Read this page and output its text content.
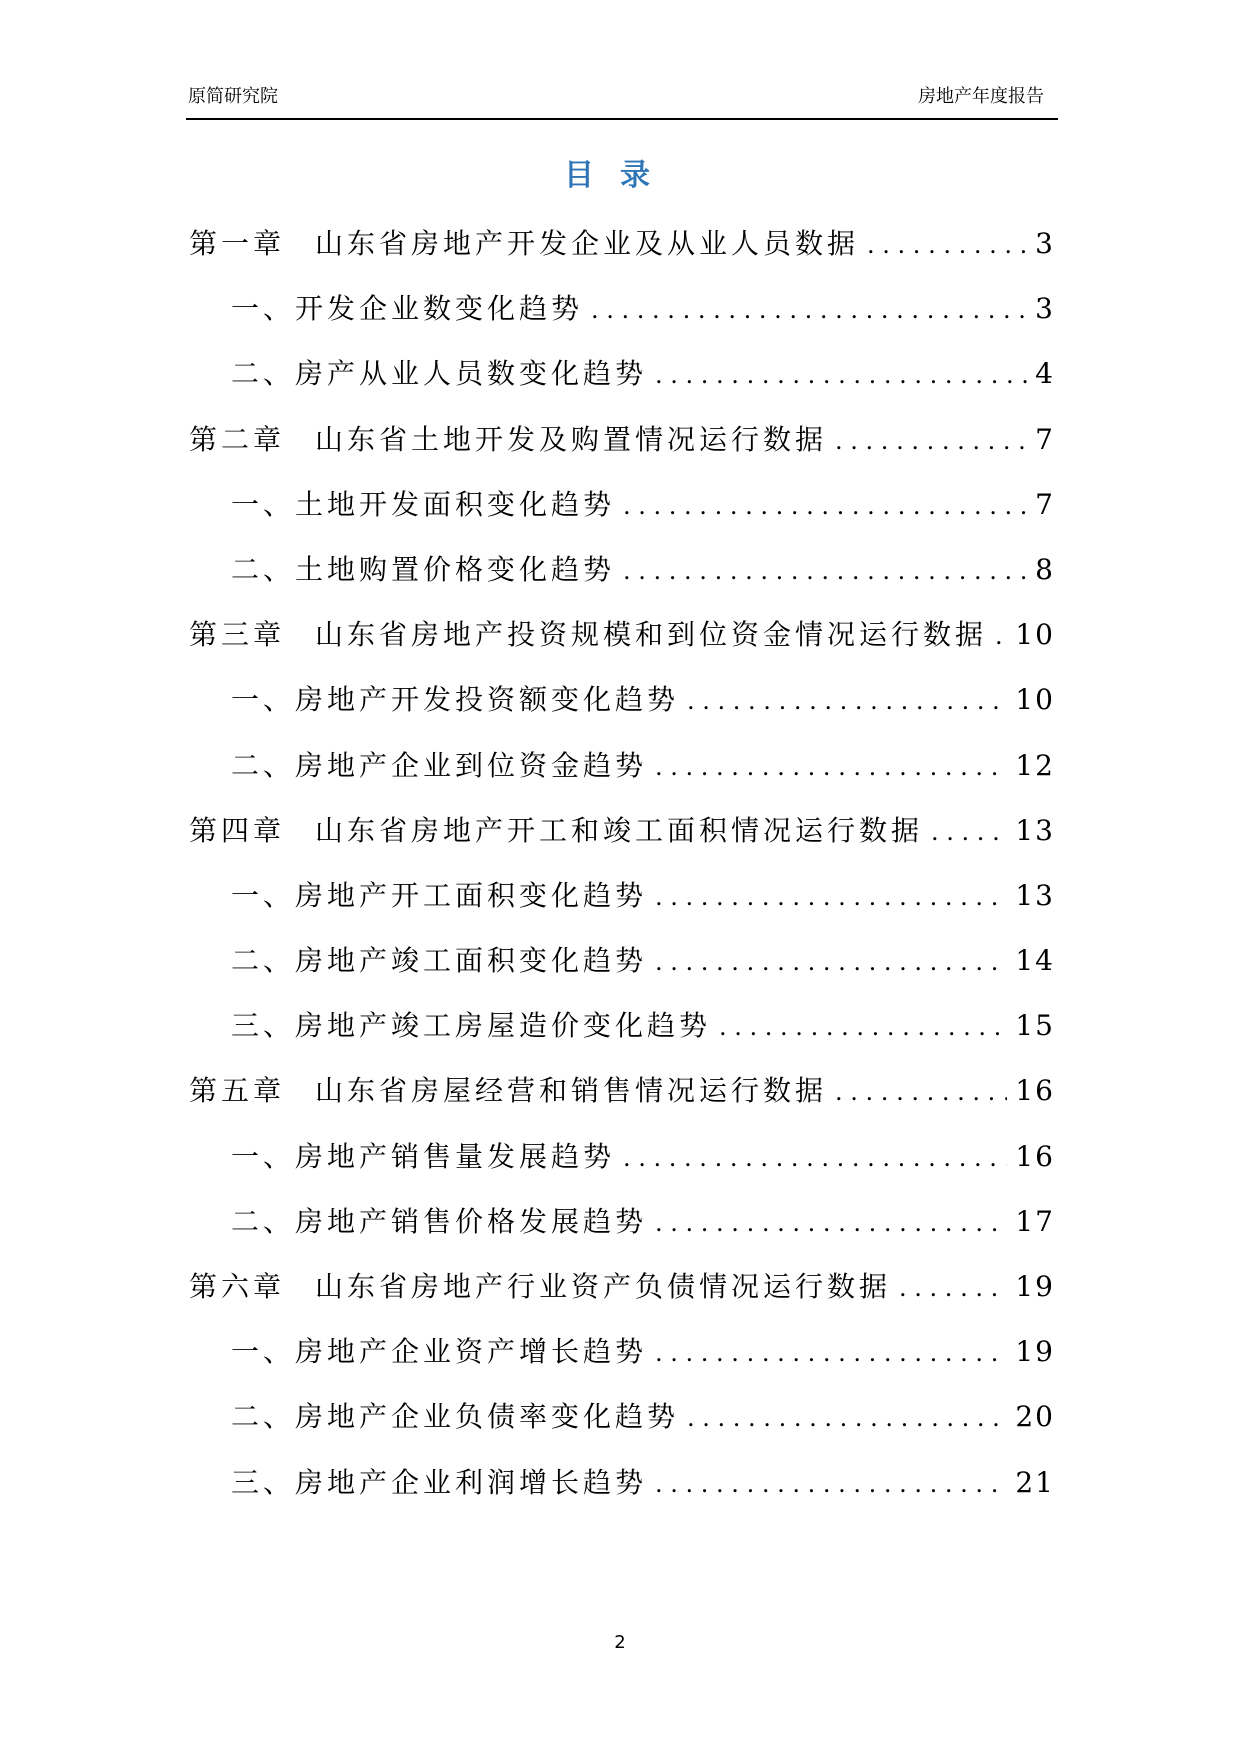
原简研究院	房地产年度报告
目录
第一章 山东省房地产开发企业及从业人员数据 . . .	3
一、开发企业数变化趋势 . . .	3
二、房产从业人员数变化趋势 . . .	4
第二章 山东省土地开发及购置情况运行数据 . . .	7
一、土地开发面积变化趋势 . . .	7
二、土地购置价格变化趋势 . . .	8
第三章 山东省房地产投资规模和到位资金情况运行数据 . . . 10
一、房地产开发投资额变化趋势 . . .	10
二、房地产企业到位资金趋势 . . .	12
第四章 山东省房地产开工和竣工面积情况运行数据 . . .	13
一、房地产开工面积变化趋势 . . .	13
二、房地产竣工面积变化趋势 . . .	14
三、房地产竣工房屋造价变化趋势 . . .	15
第五章 山东省房屋经营和销售情况运行数据 . . .	16
一、房地产销售量发展趋势 . . .	16
二、房地产销售价格发展趋势 . . .	17
第六章 山东省房地产行业资产负债情况运行数据 . . .	19
一、房地产企业资产增长趋势 . . .	19
二、房地产企业负债率变化趋势 . . .	20
三、房地产企业利润增长趋势 . . .	21
2
